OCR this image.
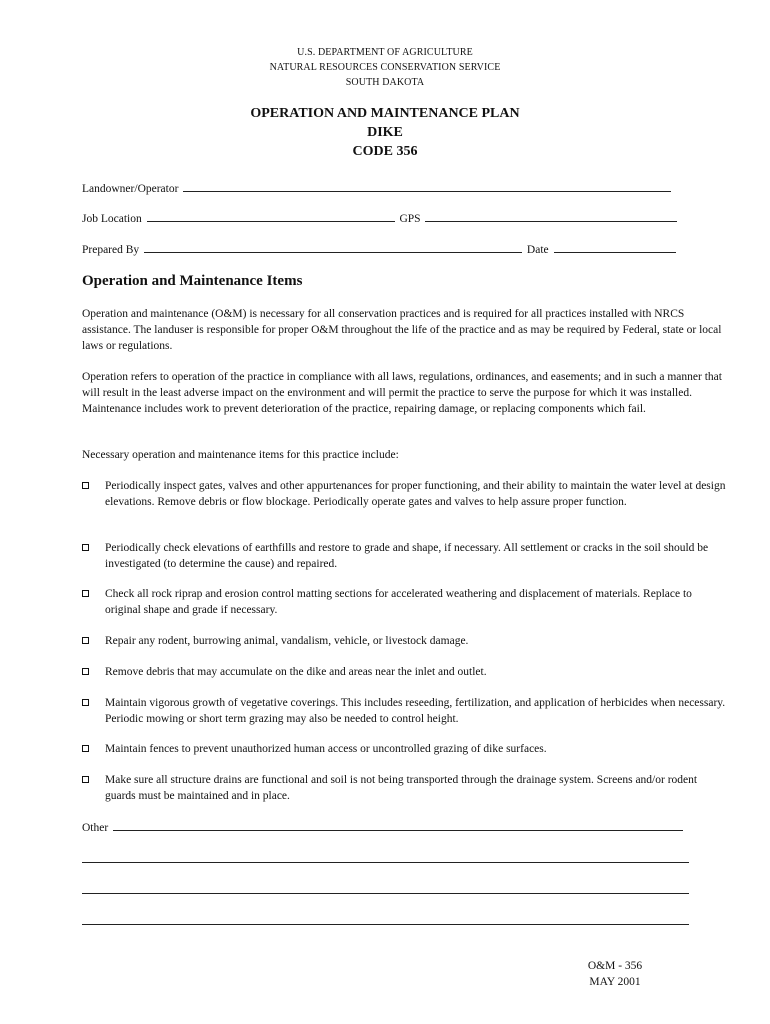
U.S. DEPARTMENT OF AGRICULTURE
NATURAL RESOURCES CONSERVATION SERVICE
SOUTH DAKOTA
OPERATION AND MAINTENANCE PLAN
DIKE
CODE 356
Landowner/Operator
Job Location	GPS
Prepared By	Date
Operation and Maintenance Items
Operation and maintenance (O&M) is necessary for all conservation practices and is required for all practices installed with NRCS assistance. The landuser is responsible for proper O&M throughout the life of the practice and as may be required by Federal, state or local laws or regulations.
Operation refers to operation of the practice in compliance with all laws, regulations, ordinances, and easements; and in such a manner that will result in the least adverse impact on the environment and will permit the practice to serve the purpose for which it was installed. Maintenance includes work to prevent deterioration of the practice, repairing damage, or replacing components which fail.
Necessary operation and maintenance items for this practice include:
Periodically inspect gates, valves and other appurtenances for proper functioning, and their ability to maintain the water level at design elevations. Remove debris or flow blockage. Periodically operate gates and valves to help assure proper function.
Periodically check elevations of earthfills and restore to grade and shape, if necessary. All settlement or cracks in the soil should be investigated (to determine the cause) and repaired.
Check all rock riprap and erosion control matting sections for accelerated weathering and displacement of materials. Replace to original shape and grade if necessary.
Repair any rodent, burrowing animal, vandalism, vehicle, or livestock damage.
Remove debris that may accumulate on the dike and areas near the inlet and outlet.
Maintain vigorous growth of vegetative coverings. This includes reseeding, fertilization, and application of herbicides when necessary. Periodic mowing or short term grazing may also be needed to control height.
Maintain fences to prevent unauthorized human access or uncontrolled grazing of dike surfaces.
Make sure all structure drains are functional and soil is not being transported through the drainage system. Screens and/or rodent guards must be maintained and in place.
Other
O&M - 356
MAY 2001
